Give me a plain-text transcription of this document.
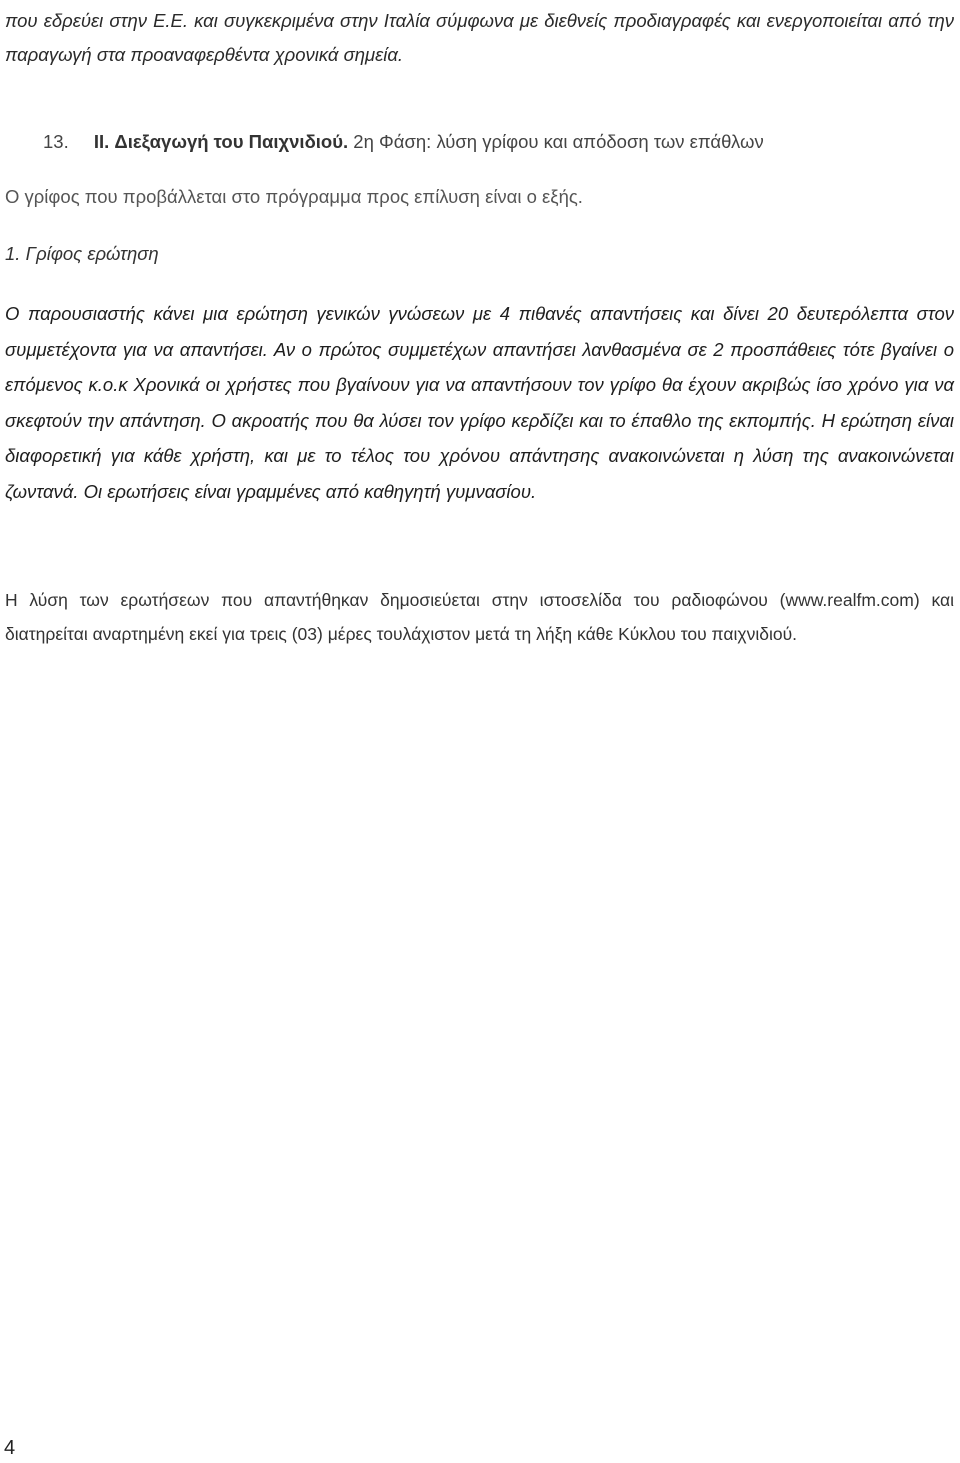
που εδρεύει στην Ε.Ε. και συγκεκριμένα στην Ιταλία σύμφωνα με διεθνείς προδιαγραφές και ενεργοποιείται από την παραγωγή στα προαναφερθέντα χρονικά σημεία.

13. II. Διεξαγωγή του Παιχνιδιού. 2η Φάση: λύση γρίφου και απόδοση των επάθλων
Ο γρίφος που προβάλλεται στο πρόγραμμα προς επίλυση είναι ο εξής.
1. Γρίφος ερώτηση

Ο παρουσιαστής κάνει μια ερώτηση γενικών γνώσεων με 4 πιθανές απαντήσεις και δίνει 20 δευτερόλεπτα στον συμμετέχοντα για να απαντήσει. Αν ο πρώτος συμμετέχων απαντήσει λανθασμένα σε 2 προσπάθειες τότε βγαίνει ο επόμενος κ.ο.κ Χρονικά οι χρήστες που βγαίνουν για να απαντήσουν τον γρίφο θα έχουν ακριβώς ίσο χρόνο για να σκεφτούν την απάντηση. Ο ακροατής που θα λύσει τον γρίφο κερδίζει και το έπαθλο της εκπομπής. Η ερώτηση είναι διαφορετική για κάθε χρήστη, και με το τέλος του χρόνου απάντησης ανακοινώνεται η λύση της ανακοινώνεται ζωντανά. Οι ερωτήσεις είναι γραμμένες από καθηγητή γυμνασίου.

Η λύση των ερωτήσεων που απαντήθηκαν δημοσιεύεται στην ιστοσελίδα του ραδιοφώνου (www.realfm.com) και διατηρείται αναρτημένη εκεί για τρεις (03) μέρες τουλάχιστον μετά τη λήξη κάθε Κύκλου του παιχνιδιού.

4
